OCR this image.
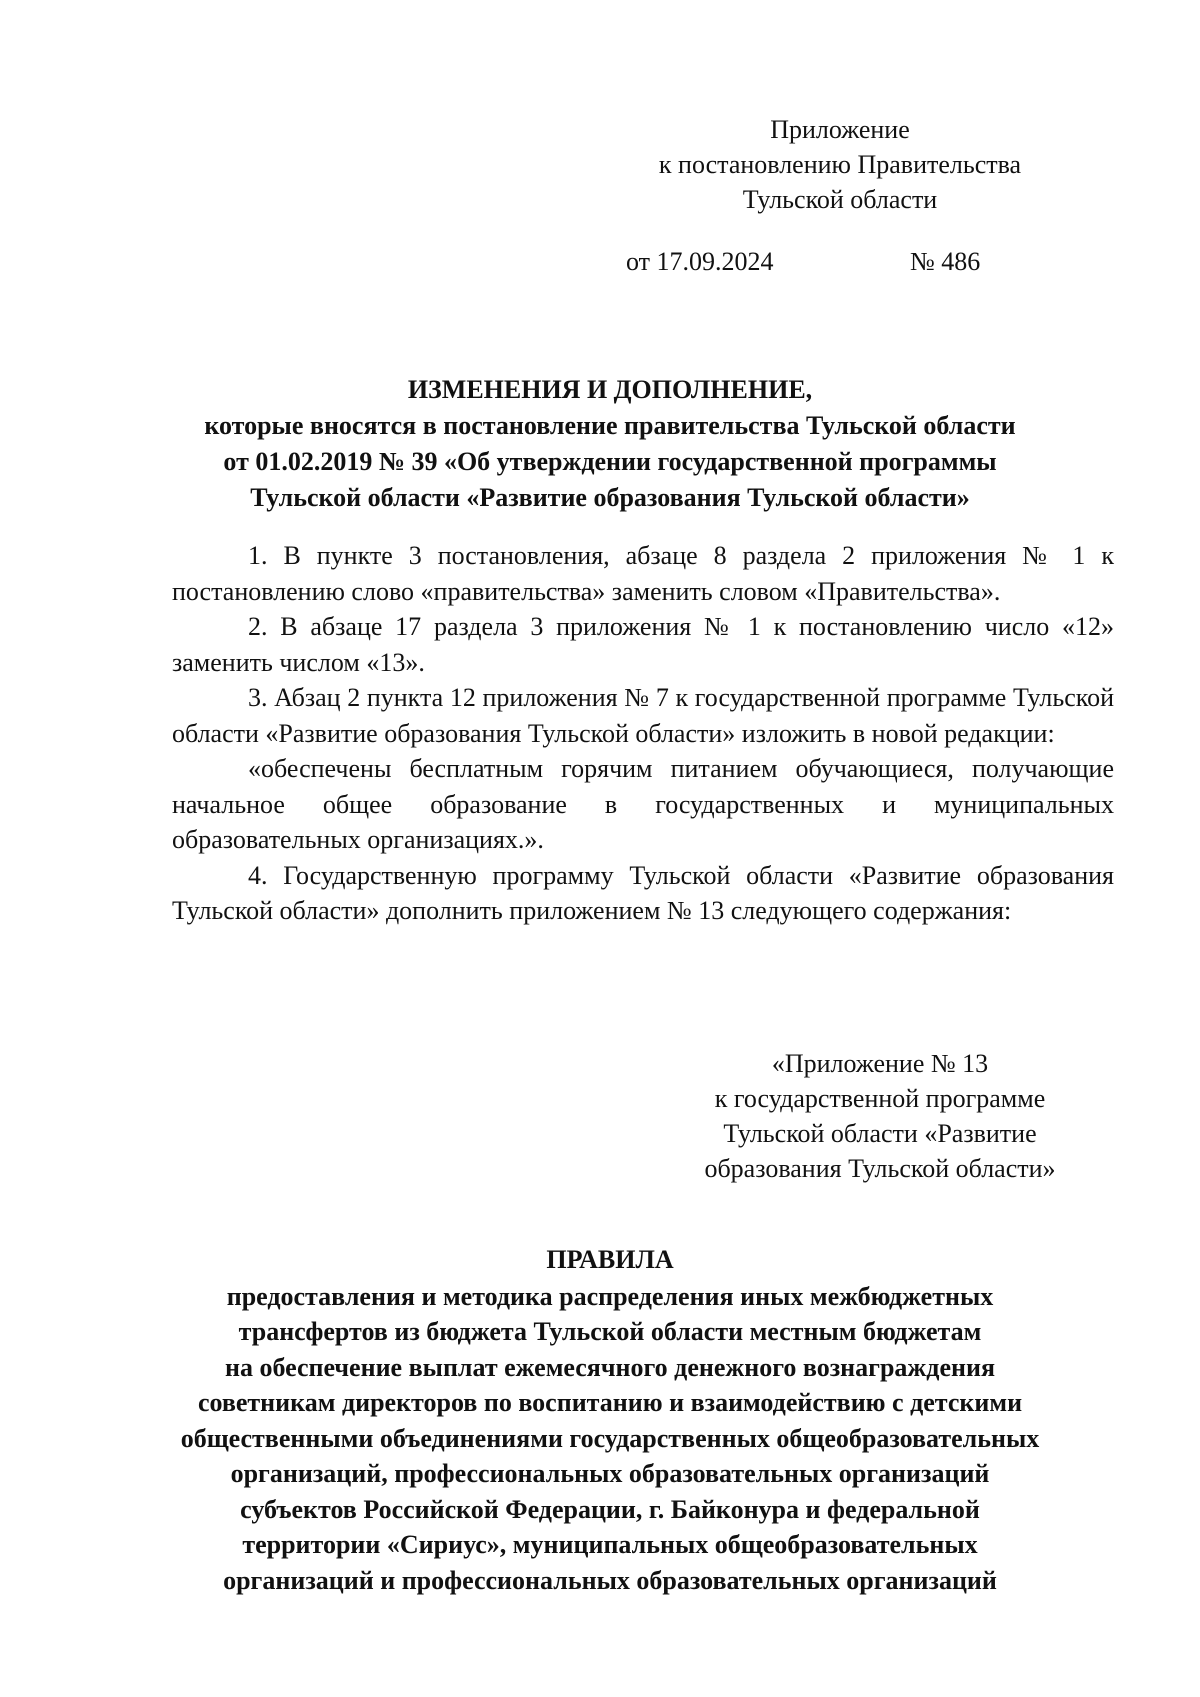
Приложение
к постановлению Правительства
Тульской области
от 17.09.2024	№ 486
ИЗМЕНЕНИЯ И ДОПОЛНЕНИЕ,
которые вносятся в постановление правительства Тульской области
от 01.02.2019 № 39 «Об утверждении государственной программы
Тульской области «Развитие образования Тульской области»

1. В пункте 3 постановления, абзаце 8 раздела 2 приложения № 1 к постановлению слово «правительства» заменить словом «Правительства».

2. В абзаце 17 раздела 3 приложения № 1 к постановлению число «12» заменить числом «13».

3. Абзац 2 пункта 12 приложения № 7 к государственной программе Тульской области «Развитие образования Тульской области» изложить в новой редакции:

«обеспечены бесплатным горячим питанием обучающиеся, получающие начальное общее образование в государственных и муниципальных образовательных организациях.».

4. Государственную программу Тульской области «Развитие образования Тульской области» дополнить приложением № 13 следующего содержания:

«Приложение № 13
к государственной программе
Тульской области «Развитие
образования Тульской области»
ПРАВИЛА
предоставления и методика распределения иных межбюджетных
трансфертов из бюджета Тульской области местным бюджетам
на обеспечение выплат ежемесячного денежного вознаграждения
советникам директоров по воспитанию и взаимодействию с детскими
общественными объединениями государственных общеобразовательных
организаций, профессиональных образовательных организаций
субъектов Российской Федерации, г. Байконура и федеральной
территории «Сириус», муниципальных общеобразовательных
организаций и профессиональных образовательных организаций
